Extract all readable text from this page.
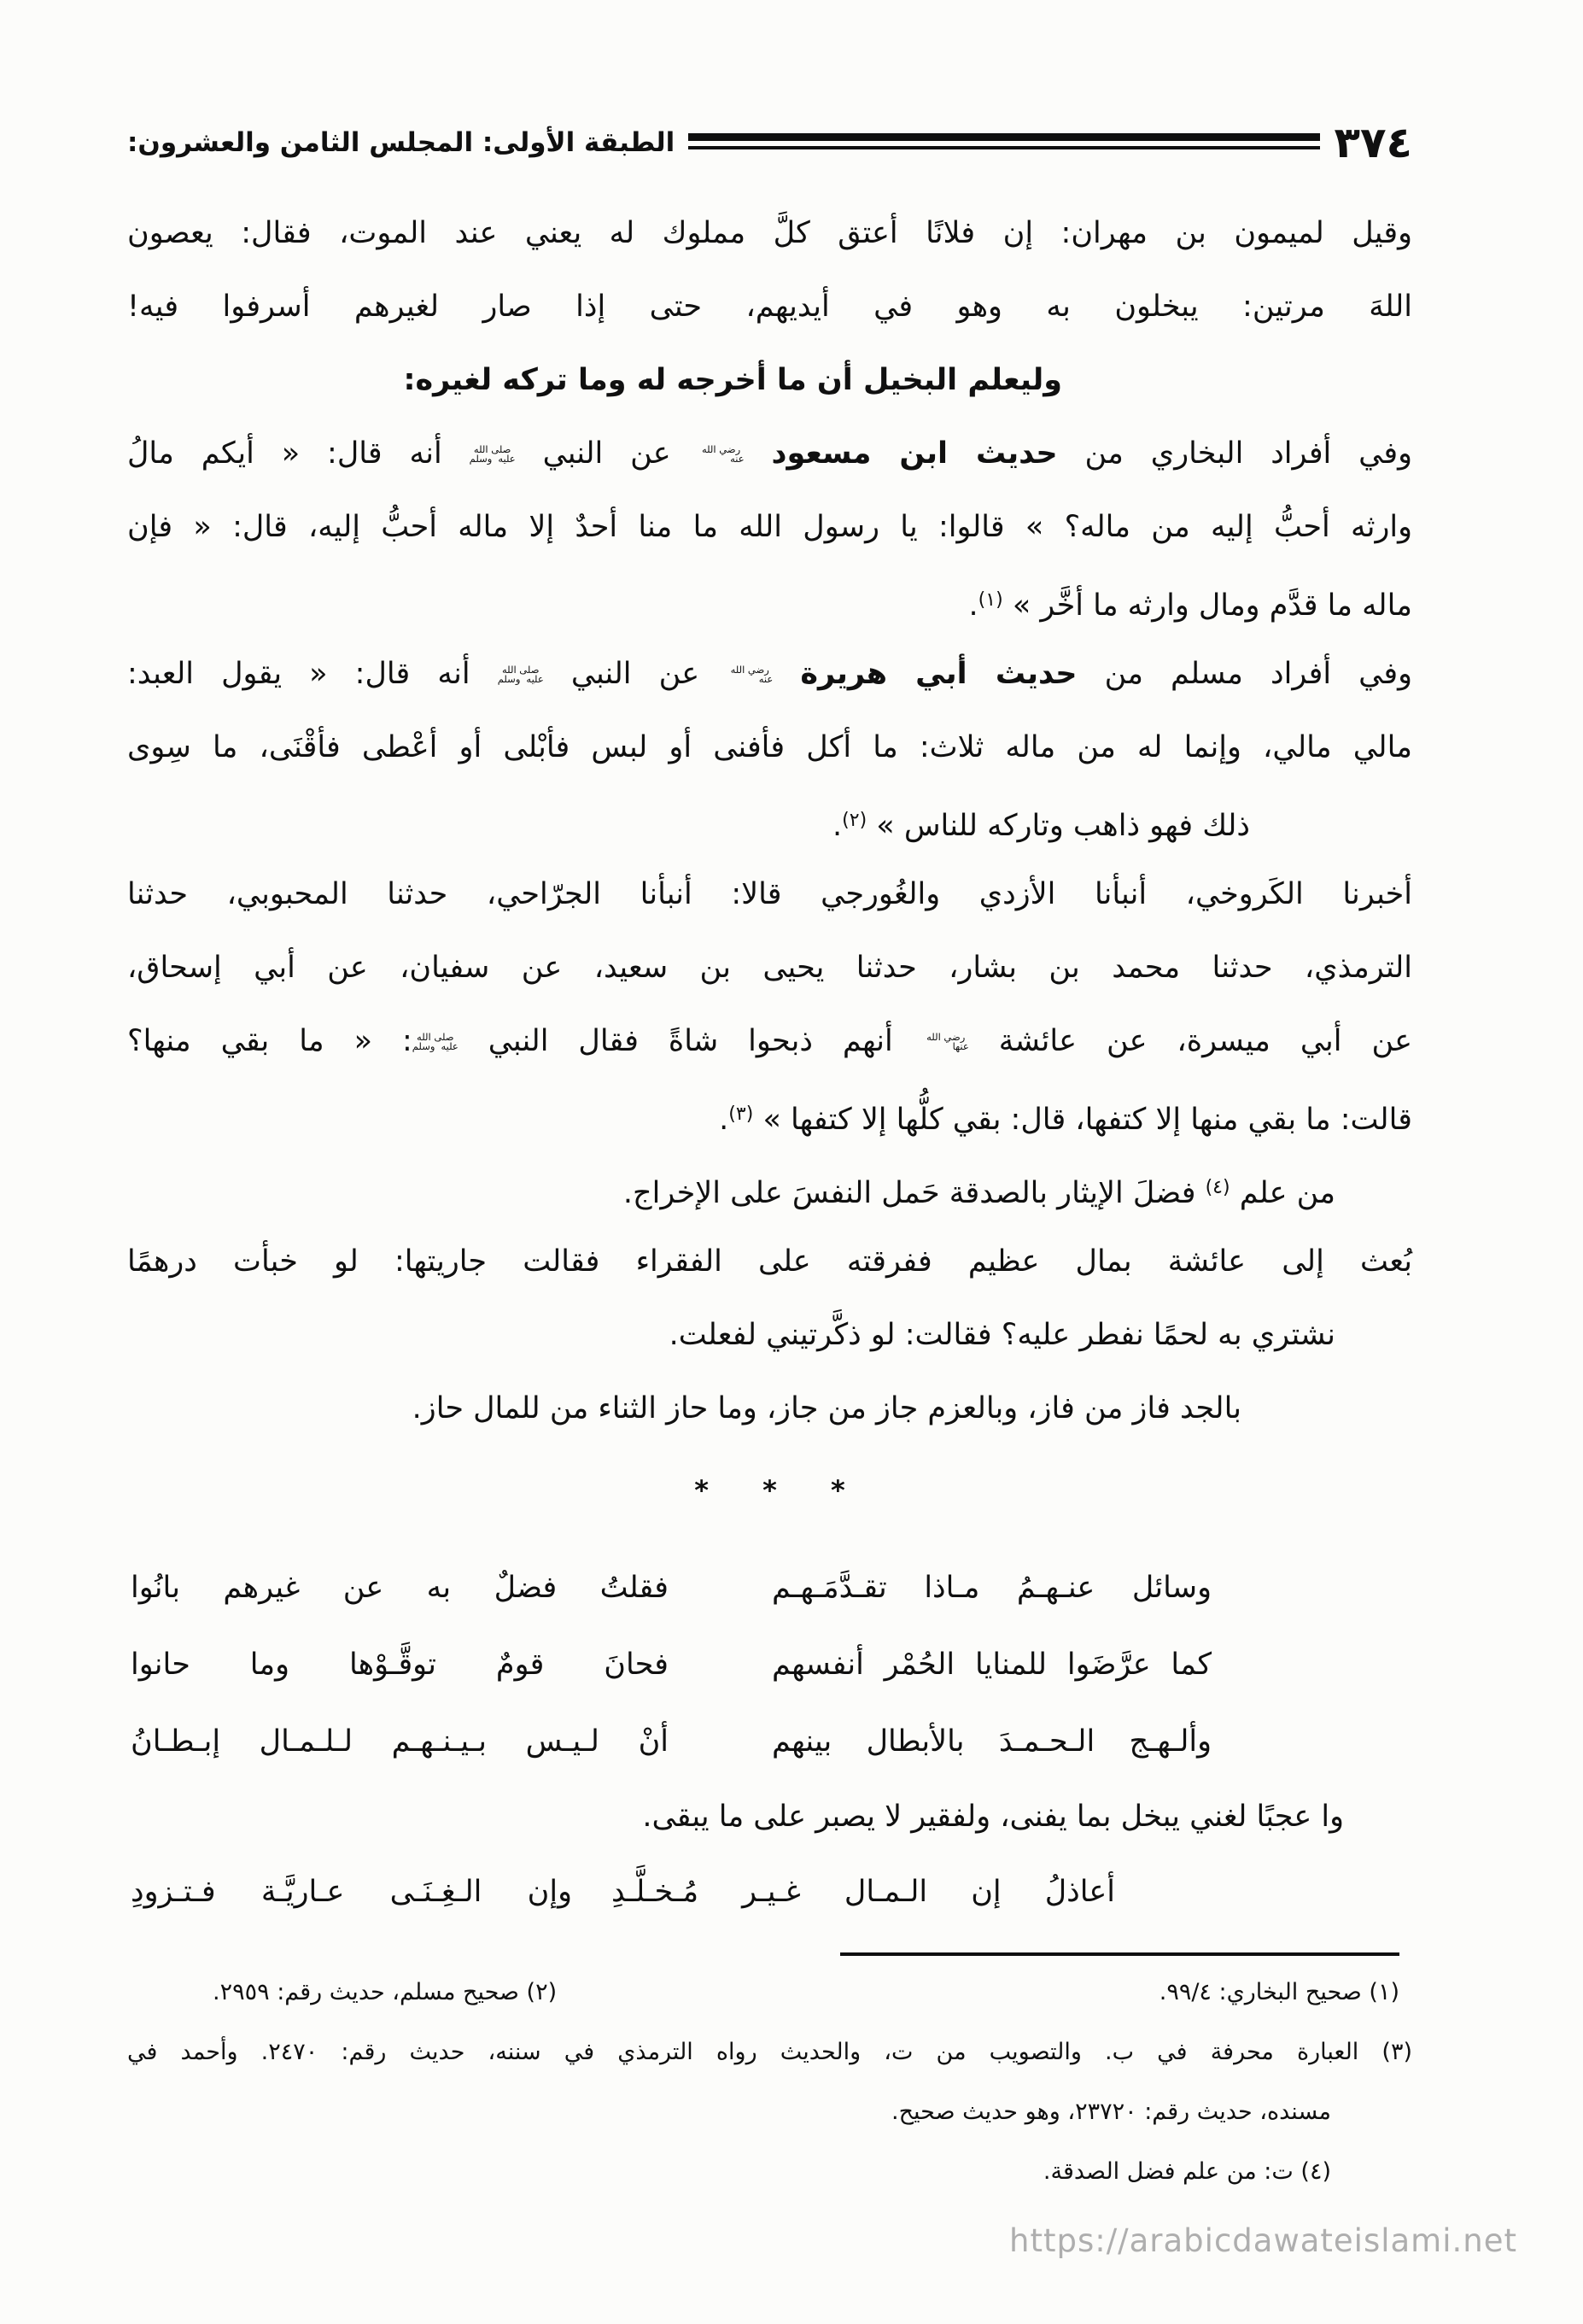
٣٧٤
الطبقة الأولى: المجلس الثامن والعشرون:
وقيل لميمون بن مهران: إن فلانًا أعتق كلَّ مملوك له يعني عند الموت، فقال: يعصون
اللهَ مرتين: يبخلون به وهو في أيديهم، حتى إذا صار لغيرهم أسرفوا فيه!
وليعلم البخيل أن ما أخرجه له وما تركه لغيره:
وفي أفراد البخاري من حديث ابن مسعود رضي الله عنه عن النبي صلى الله عليه وسلم أنه قال: « أيكم مالُ
وارثه أحبُّ إليه من ماله؟ » قالوا: يا رسول الله ما منا أحدٌ إلا ماله أحبُّ إليه، قال: « فإن
ماله ما قدَّم ومال وارثه ما أخَّر » $^{(١)}$.
وفي أفراد مسلم من حديث أبي هريرة رضي الله عنه عن النبي صلى الله عليه وسلم أنه قال: « يقول العبد:
مالي مالي، وإنما له من ماله ثلاث: ما أكل فأفنى أو لبس فأبْلى أو أعْطى فأقْنَى، ما سِوى
ذلك فهو ذاهب وتاركه للناس » $^{(٢)}$.
أخبرنا الكَروخي، أنبأنا الأزدي والغُورجي قالا: أنبأنا الجرّاحي، حدثنا المحبوبي، حدثنا
الترمذي، حدثنا محمد بن بشار، حدثنا يحيى بن سعيد، عن سفيان، عن أبي إسحاق،
عن أبي ميسرة، عن عائشة رضي الله عنها أنهم ذبحوا شاةً فقال النبي صلى الله عليه وسلم: « ما بقي منها؟
قالت: ما بقي منها إلا كتفها، قال: بقي كلُّها إلا كتفها » $^{(٣)}$.
من علم $^{(٤)}$ فضلَ الإيثار بالصدقة حَمل النفسَ على الإخراج.
بُعث إلى عائشة بمال عظيم ففرقته على الفقراء فقالت جاريتها: لو خبأت درهمًا
نشتري به لحمًا نفطر عليه؟ فقالت: لو ذكَّرتيني لفعلت.
بالجد فاز من فاز، وبالعزم جاز من جاز، وما حاز الثناء من للمال حاز.
* * *
وسائل عنـهـمُ مـاذا تقـدَّمَـهـم
فقلتُ فضلٌ به عن غيرهم بانُوا
كما عرَّضَوا للمنايا الحُمْر أنفسهم
فحانَ قومٌ توقَّـوْها وما حانوا
وألـهـج الـحـمـدَ بالأبطال بينهم
أنْ لـيـس بـيـنـهـم لـلـمـال إبـطـانُ
وا عجبًا لغني يبخل بما يفنى، ولفقير لا يصبر على ما يبقى.
أعاذلُ إن الـمـال غـيـر مُـخـلَّـدِ
وإن الـغِـنَـى عـاريَّـة فـتـزودِ
(١) صحيح البخاري: ٩٩/٤.
(٢) صحيح مسلم، حديث رقم: ٢٩٥٩.
(٣) العبارة محرفة في ب. والتصويب من ت، والحديث رواه الترمذي في سننه، حديث رقم: ٢٤٧٠. وأحمد في
مسنده، حديث رقم: ٢٣٧٢٠، وهو حديث صحيح.
(٤) ت: من علم فضل الصدقة.
https://arabicdawateislami.net
